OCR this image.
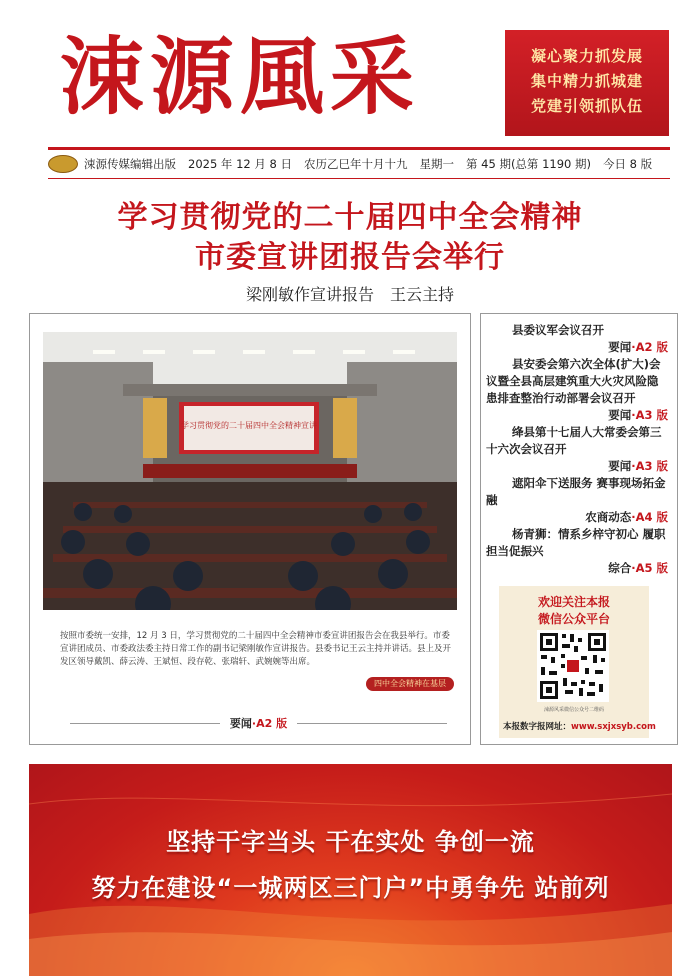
涑源風采	凝心聚力抓发展
集中精力抓城建
党建引领抓队伍
涑源传媒编辑出版 2025 年 12 月 8 日 农历乙巳年十月十九 星期一 第 45 期(总第 1190 期) 今日 8 版
学习贯彻党的二十届四中全会精神
市委宣讲团报告会举行
梁刚敏作宣讲报告　王云主持
学习贯彻党的二十届四中全会精神宣讲
按照市委统一安排，12 月 3 日，学习贯彻党的二十届四中全会精神市委宣讲团报告会在我县举行。市委宣讲团成员、市委政法委主持日常工作的副书记梁刚敏作宣讲报告。县委书记王云主持并讲话。县上及开发区领导戴凯、薛云涛、王斌恒、段存乾、张瑞轩、武婉婉等出席。
四中全会精神在基层
要闻 · A2 版
县委议军会议召开
要闻·A2 版
县安委会第六次全体(扩大)会议暨全县高层建筑重大火灾风险隐患排查整治行动部署会议召开
要闻·A3 版
绛县第十七届人大常委会第三十六次会议召开
要闻·A3 版
遮阳伞下送服务 赛事现场拓金融
农商动态·A4 版
杨青狮：情系乡梓守初心 履职担当促振兴
综合·A5 版
欢迎关注本报
微信公众平台
涑源风采微信公众号二维码
本报数字报网址：www.sxjxsyb.com
坚持干字当头 干在实处 争创一流
努力在建设“一城两区三门户”中勇争先 站前列
